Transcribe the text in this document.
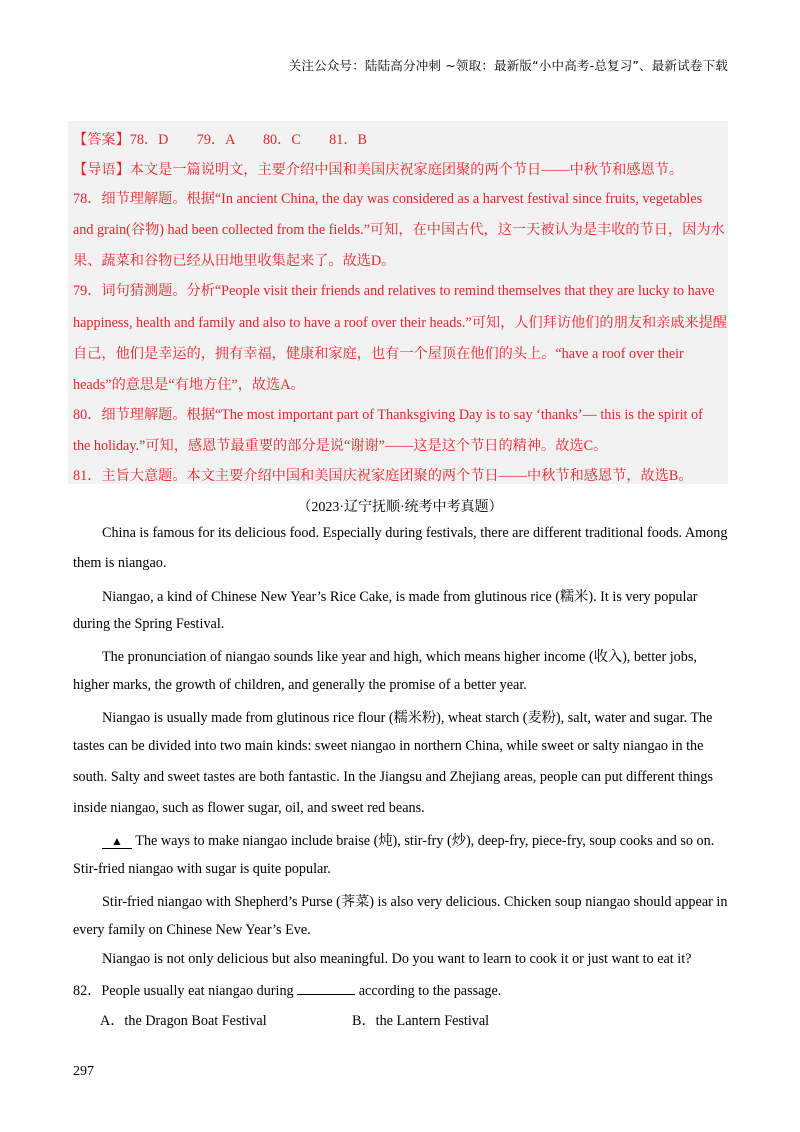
关注公众号：陆陆高分冲刺 ~领取：最新版“小中高考-总复习”、最新试卷下载
【答案】78．D　　79．A　　80．C　　81．B
【导语】本文是一篇说明文，主要介绍中国和美国庆祝家庭团聚的两个节日——中秋节和感恩节。
78．细节理解题。根据“In ancient China, the day was considered as a harvest festival since fruits, vegetables
and grain(谷物) had been collected from the fields.”可知，在中国古代，这一天被认为是丰收的节日，因为水
果、蔬菜和谷物已经从田地里收集起来了。故选D。
79．词句猜测题。分析“People visit their friends and relatives to remind themselves that they are lucky to have
happiness, health and family and also to have a roof over their heads.”可知，人们拜访他们的朋友和亲戚来提醒
自己，他们是幸运的，拥有幸福，健康和家庭，也有一个屋顶在他们的头上。“have a roof over their
heads”的意思是“有地方住”，故选A。
80．细节理解题。根据“The most important part of Thanksgiving Day is to say ‘thanks’— this is the spirit of
the holiday.”可知，感恩节最重要的部分是说“谢谢”——这是这个节日的精神。故选C。
81．主旨大意题。本文主要介绍中国和美国庆祝家庭团聚的两个节日——中秋节和感恩节，故选B。
（2023·辽宁抚顺·统考中考真题）
China is famous for its delicious food. Especially during festivals, there are different traditional foods. Among
them is niangao.
Niangao, a kind of Chinese New Year’s Rice Cake, is made from glutinous rice (糯米). It is very popular
during the Spring Festival.
The pronunciation of niangao sounds like year and high, which means higher income (收入), better jobs,
higher marks, the growth of children, and generally the promise of a better year.
Niangao is usually made from glutinous rice flour (糯米粉), wheat starch (麦粉), salt, water and sugar. The
tastes can be divided into two main kinds: sweet niangao in northern China, while sweet or salty niangao in the
south. Salty and sweet tastes are both fantastic. In the Jiangsu and Zhejiang areas, people can put different things
inside niangao, such as flower sugar, oil, and sweet red beans.
▲ The ways to make niangao include braise (炖), stir-fry (炒), deep-fry, piece-fry, soup cooks and so on.
Stir-fried niangao with sugar is quite popular.
Stir-fried niangao with Shepherd’s Purse (荠菜) is also very delicious. Chicken soup niangao should appear in
every family on Chinese New Year’s Eve.
Niangao is not only delicious but also meaningful. Do you want to learn to cook it or just want to eat it?
82．People usually eat niangao during	according to the passage.
A．the Dragon Boat Festival	B．the Lantern Festival
297
